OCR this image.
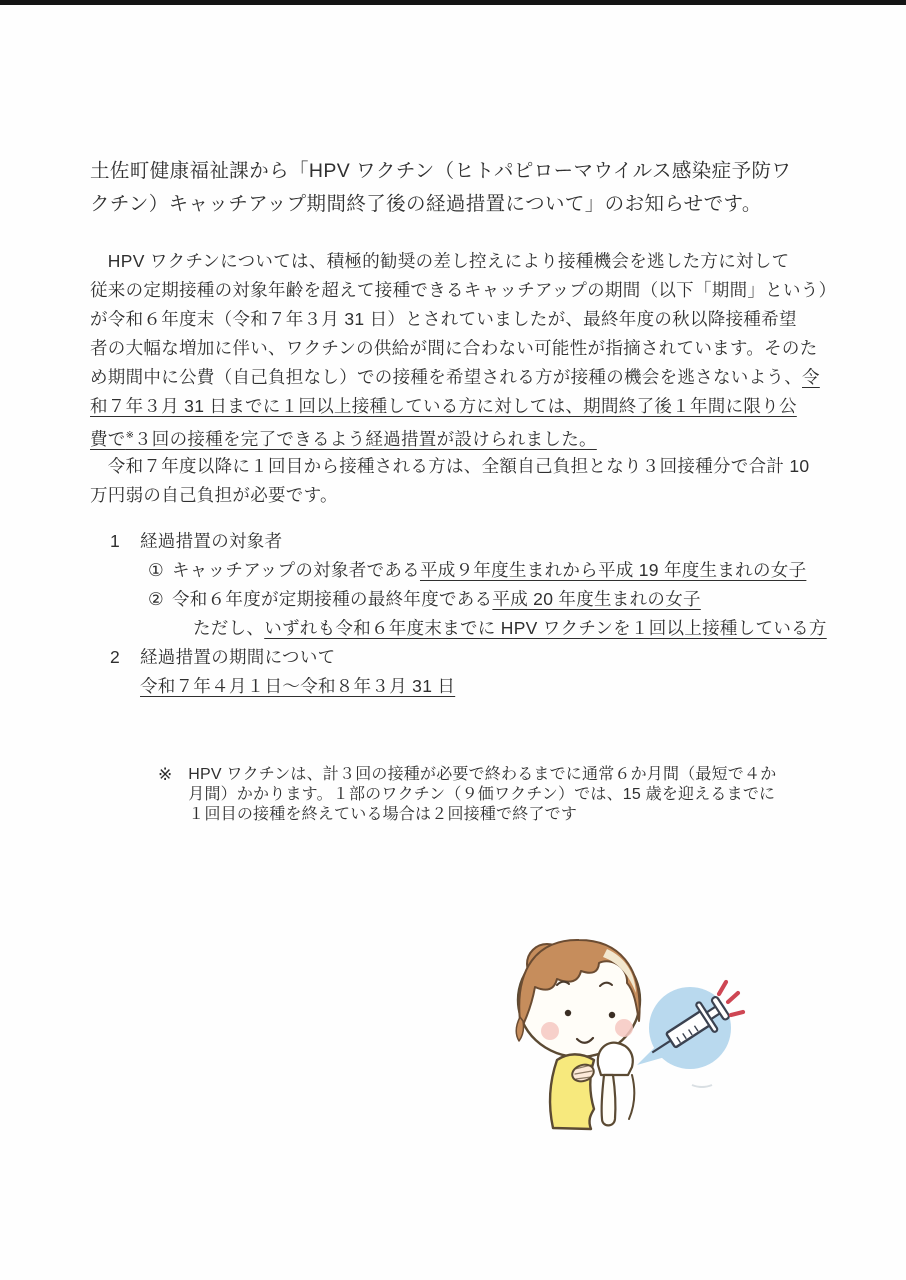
土佐町健康福祉課から「HPV ワクチン（ヒトパピローマウイルス感染症予防ワ
クチン）キャッチアップ期間終了後の経過措置について」のお知らせです。
　HPV ワクチンについては、積極的勧奨の差し控えにより接種機会を逃した方に対して
従来の定期接種の対象年齢を超えて接種できるキャッチアップの期間（以下「期間」という）
が令和６年度末（令和７年３月 31 日）とされていましたが、最終年度の秋以降接種希望
者の大幅な増加に伴い、ワクチンの供給が間に合わない可能性が指摘されています。そのた
め期間中に公費（自己負担なし）での接種を希望される方が接種の機会を逃さないよう、令
和７年３月 31 日までに１回以上接種している方に対しては、期間終了後１年間に限り公
費で※３回の接種を完了できるよう経過措置が設けられました。
　令和７年度以降に１回目から接種される方は、全額自己負担となり３回接種分で合計 10
万円弱の自己負担が必要です。
1 経過措置の対象者
① キャッチアップの対象者である平成９年度生まれから平成 19 年度生まれの女子
② 令和６年度が定期接種の最終年度である平成 20 年度生まれの女子
ただし、いずれも令和６年度末までに HPV ワクチンを１回以上接種している方
2 経過措置の期間について
令和７年４月１日～令和８年３月 31 日
※ HPV ワクチンは、計３回の接種が必要で終わるまでに通常６か月間（最短で４か
月間）かかります。１部のワクチン（９価ワクチン）では、15 歳を迎えるまでに
１回目の接種を終えている場合は２回接種で終了です
